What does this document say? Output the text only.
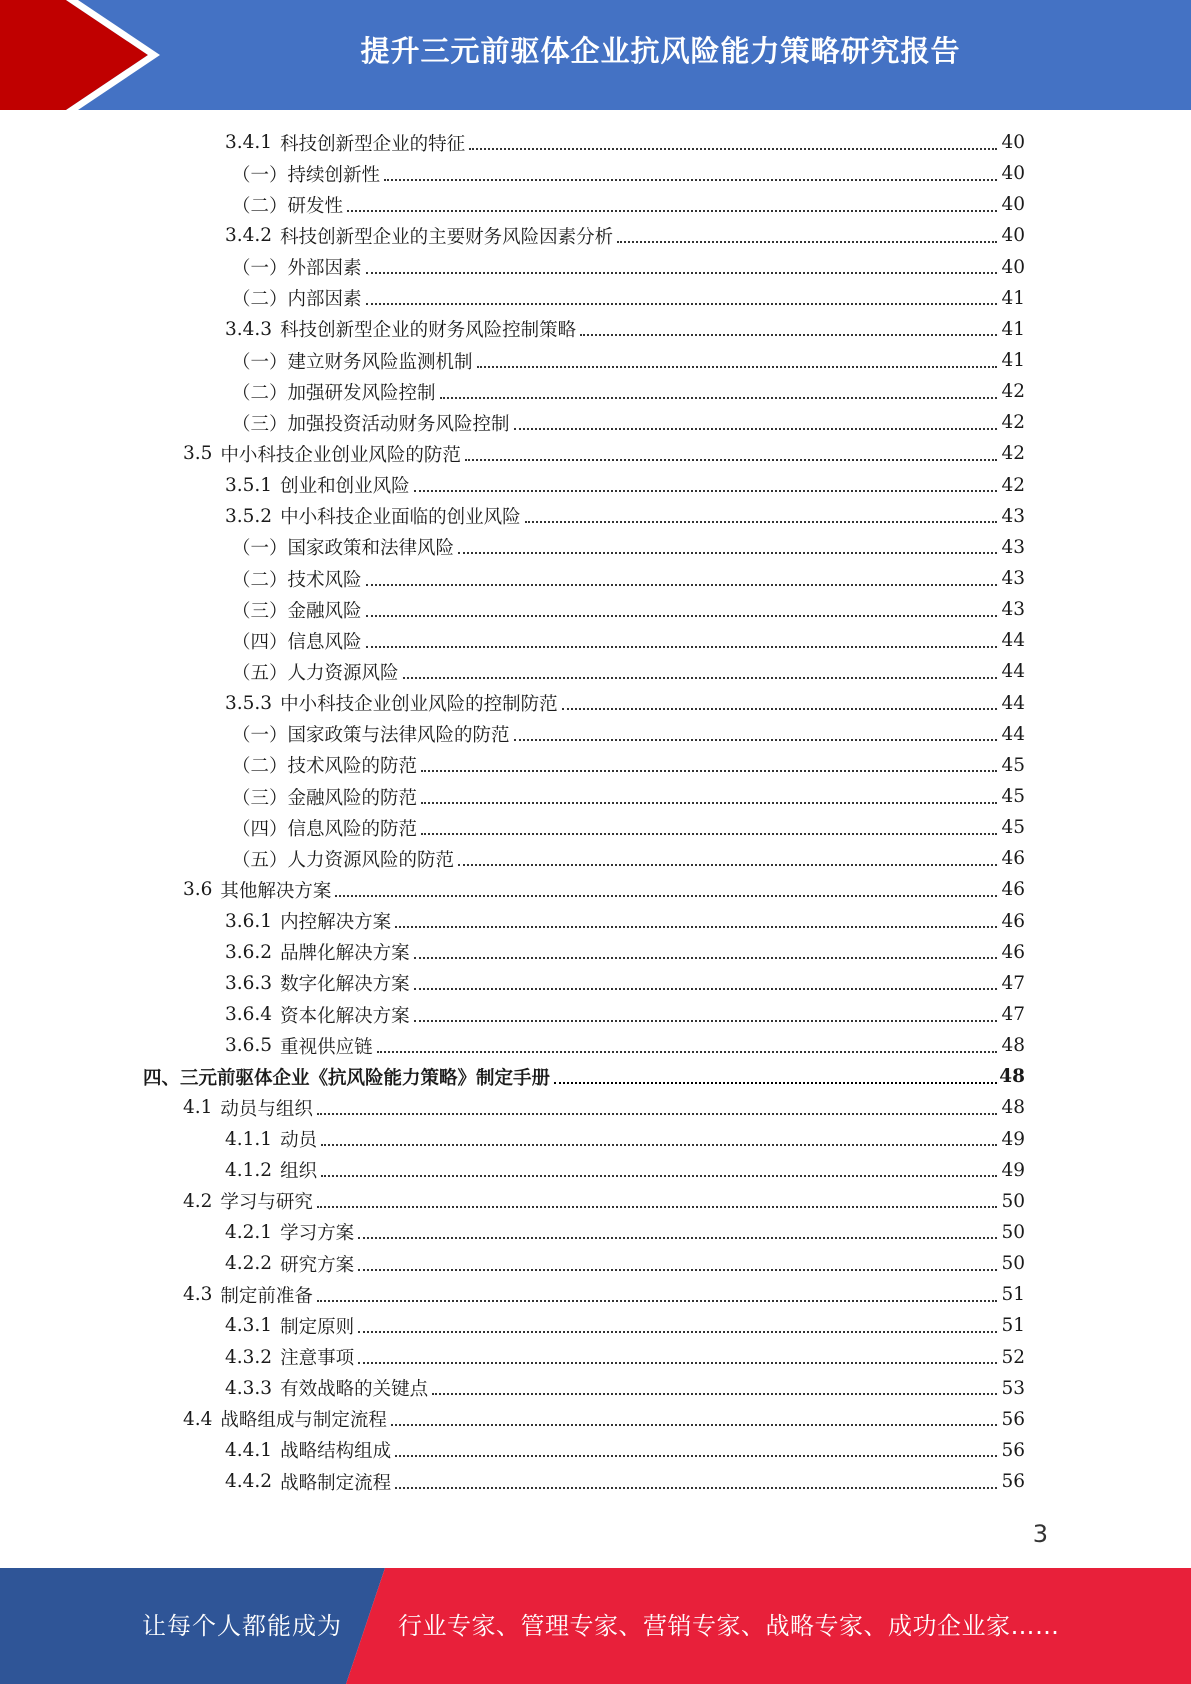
提升三元前驱体企业抗风险能力策略研究报告
3.4.1 科技创新型企业的特征	40
（一） 持续创新性	40
（二） 研发性	40
3.4.2 科技创新型企业的主要财务风险因素分析	40
（一） 外部因素	40
（二） 内部因素	41
3.4.3 科技创新型企业的财务风险控制策略	41
（一） 建立财务风险监测机制	41
（二） 加强研发风险控制	42
（三） 加强投资活动财务风险控制	42
3.5 中小科技企业创业风险的防范	42
3.5.1 创业和创业风险	42
3.5.2 中小科技企业面临的创业风险	43
（一） 国家政策和法律风险	43
（二） 技术风险	43
（三） 金融风险	43
（四） 信息风险	44
（五） 人力资源风险	44
3.5.3 中小科技企业创业风险的控制防范	44
（一） 国家政策与法律风险的防范	44
（二） 技术风险的防范	45
（三） 金融风险的防范	45
（四） 信息风险的防范	45
（五） 人力资源风险的防范	46
3.6 其他解决方案	46
3.6.1 内控解决方案	46
3.6.2 品牌化解决方案	46
3.6.3 数字化解决方案	47
3.6.4 资本化解决方案	47
3.6.5 重视供应链	48
四、 三元前驱体企业《抗风险能力策略》制定手册	48
4.1 动员与组织	48
4.1.1 动员	49
4.1.2 组织	49
4.2 学习与研究	50
4.2.1 学习方案	50
4.2.2 研究方案	50
4.3 制定前准备	51
4.3.1 制定原则	51
4.3.2 注意事项	52
4.3.3 有效战略的关键点	53
4.4 战略组成与制定流程	56
4.4.1 战略结构组成	56
4.4.2 战略制定流程	56
3
让每个人都能成为 行业专家、管理专家、营销专家、战略专家、成功企业家……
